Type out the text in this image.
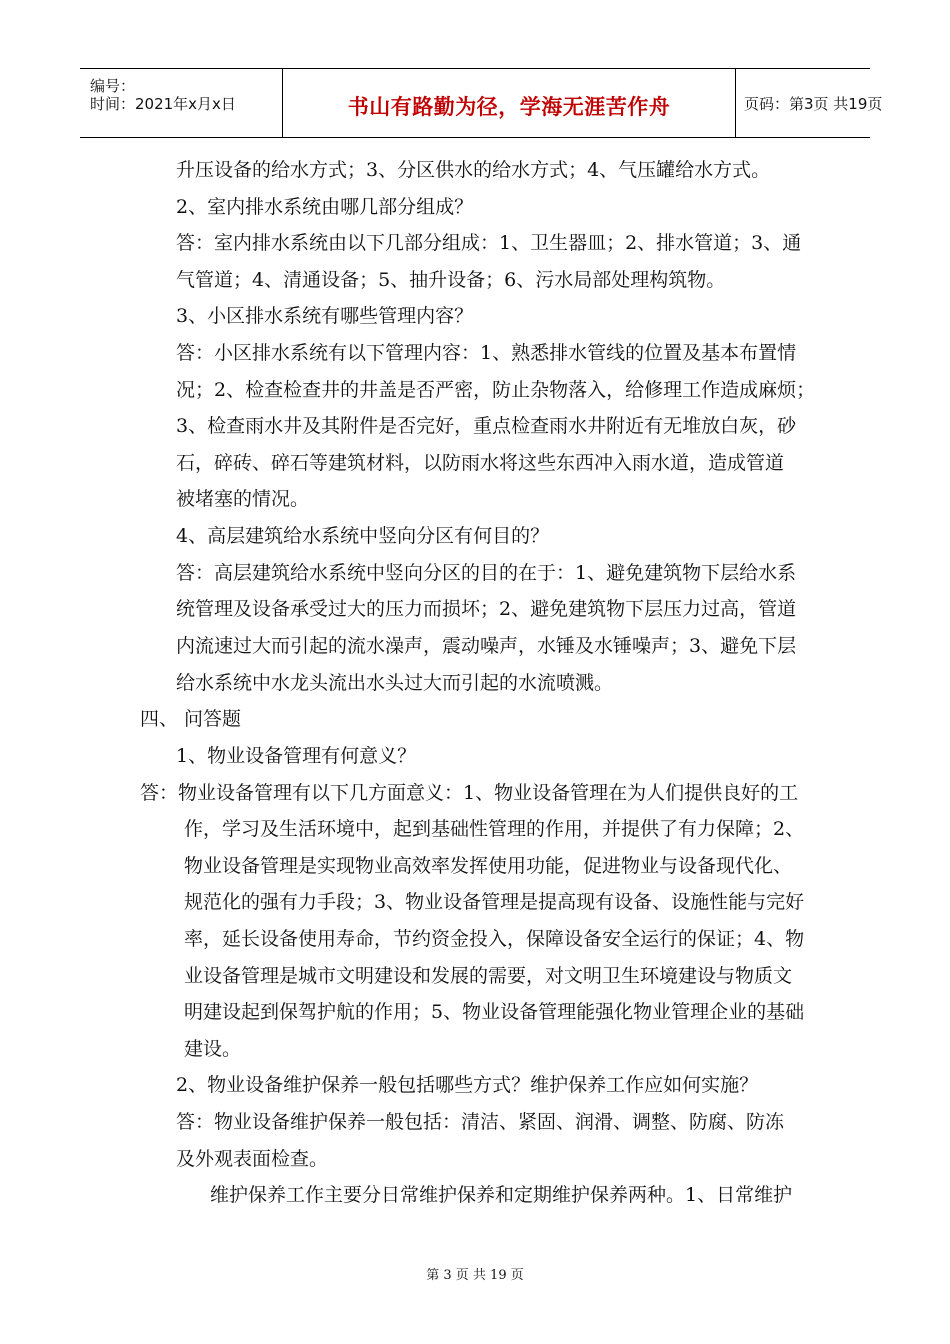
编号：
时间：2021年x月x日	书山有路勤为径，学海无涯苦作舟	页码：第3页 共19页
升压设备的给水方式；3、分区供水的给水方式；4、气压罐给水方式。
2、室内排水系统由哪几部分组成？
答：室内排水系统由以下几部分组成：1、卫生器皿；2、排水管道；3、通
气管道；4、清通设备；5、抽升设备；6、污水局部处理构筑物。
3、小区排水系统有哪些管理内容？
答：小区排水系统有以下管理内容：1、熟悉排水管线的位置及基本布置情
况；2、检查检查井的井盖是否严密，防止杂物落入，给修理工作造成麻烦；
3、检查雨水井及其附件是否完好，重点检查雨水井附近有无堆放白灰，砂
石，碎砖、碎石等建筑材料，以防雨水将这些东西冲入雨水道，造成管道
被堵塞的情况。
4、高层建筑给水系统中竖向分区有何目的？
答：高层建筑给水系统中竖向分区的目的在于：1、避免建筑物下层给水系
统管理及设备承受过大的压力而损坏；2、避免建筑物下层压力过高，管道
内流速过大而引起的流水澡声，震动噪声，水锤及水锤噪声；3、避免下层
给水系统中水龙头流出水头过大而引起的水流喷溅。
四、 问答题
1、物业设备管理有何意义？
答：物业设备管理有以下几方面意义：1、物业设备管理在为人们提供良好的工
作，学习及生活环境中，起到基础性管理的作用，并提供了有力保障；2、
物业设备管理是实现物业高效率发挥使用功能，促进物业与设备现代化、
规范化的强有力手段；3、物业设备管理是提高现有设备、设施性能与完好
率，延长设备使用寿命，节约资金投入，保障设备安全运行的保证；4、物
业设备管理是城市文明建设和发展的需要，对文明卫生环境建设与物质文
明建设起到保驾护航的作用；5、物业设备管理能强化物业管理企业的基础
建设。
2、物业设备维护保养一般包括哪些方式？维护保养工作应如何实施？
答：物业设备维护保养一般包括：清洁、紧固、润滑、调整、防腐、防冻
及外观表面检查。
维护保养工作主要分日常维护保养和定期维护保养两种。1、日常维护
第 3 页 共 19 页
